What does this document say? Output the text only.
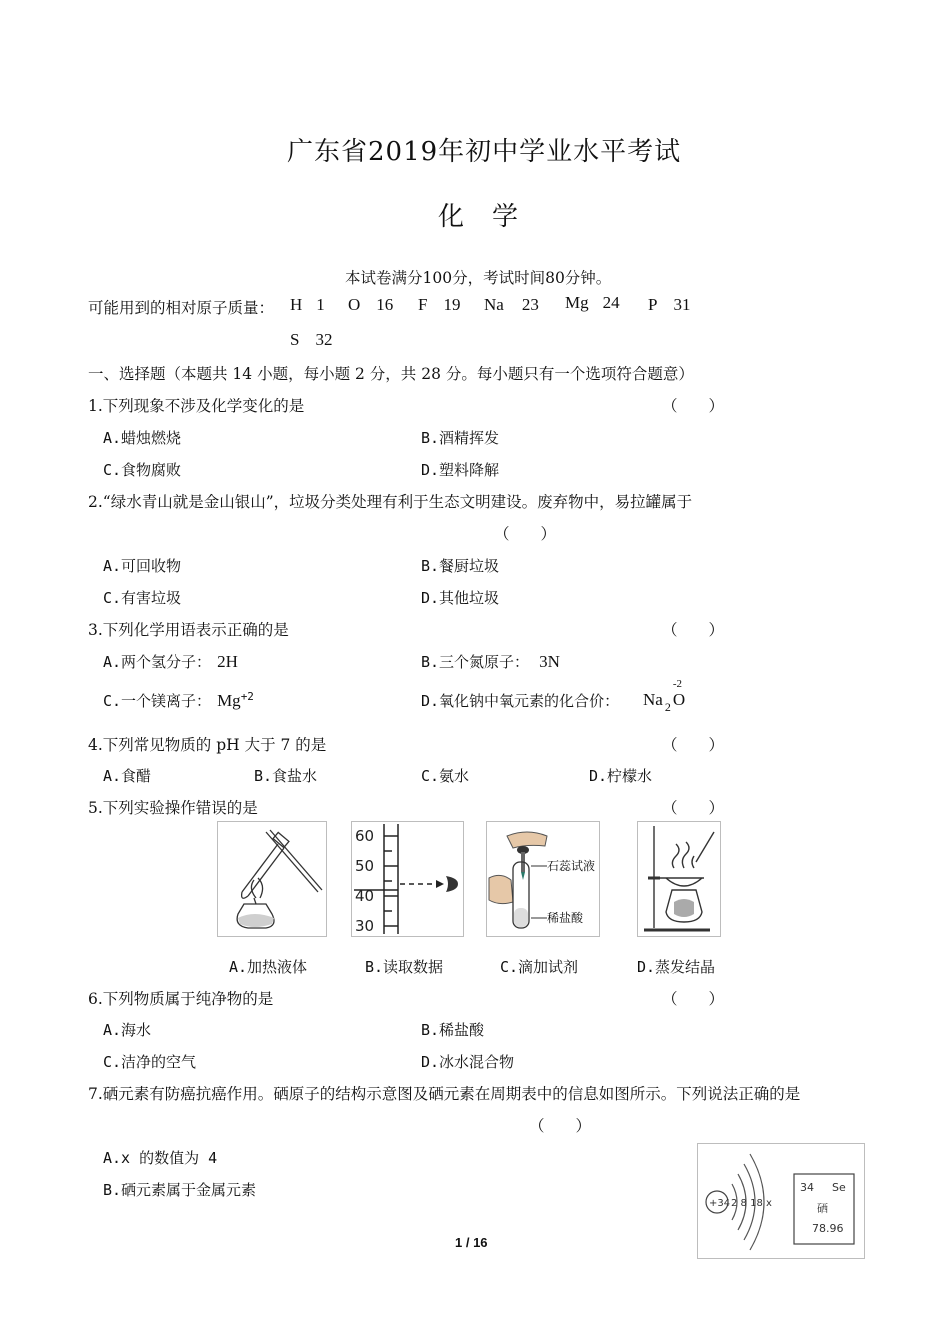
广东省2019年初中学业水平考试
化学
本试卷满分100分，考试时间80分钟。
可能用到的相对原子质量： H 1 O 16 F 19 Na 23 Mg 24 P 31
S 32
一、选择题（本题共 14 小题，每小题 2 分，共 28 分。每小题只有一个选项符合题意）
1.下列现象不涉及化学变化的是	（　　）
A.蜡烛燃烧	B.酒精挥发
C.食物腐败	D.塑料降解
2.“绿水青山就是金山银山”，垃圾分类处理有利于生态文明建设。废弃物中，易拉罐属于
（　　）
A.可回收物	B.餐厨垃圾
C.有害垃圾	D.其他垃圾
3.下列化学用语表示正确的是	（　　）
A.两个氢分子： 2H	B.三个氮原子： 3N
C.一个镁离子： $Mg^{+2}$	D.氧化钠中氧元素的化合价： Na $_2$ O
-2
4.下列常见物质的 pH 大于 7 的是	（　　）
A.食醋	B.食盐水	C.氨水	D.柠檬水
5.下列实验操作错误的是	（　　）
60
50
40
30
石蕊试液
稀盐酸
A.加热液体	B.读取数据	C.滴加试剂	D.蒸发结晶
6.下列物质属于纯净物的是	（　　）
A.海水	B.稀盐酸
C.洁净的空气	D.冰水混合物
7.硒元素有防癌抗癌作用。硒原子的结构示意图及硒元素在周期表中的信息如图所示。下列说法正确的是
（　　）
A.x 的数值为 4
B.硒元素属于金属元素
+34 2 8 18 x
34 Se
硒
78.96
1 / 16
